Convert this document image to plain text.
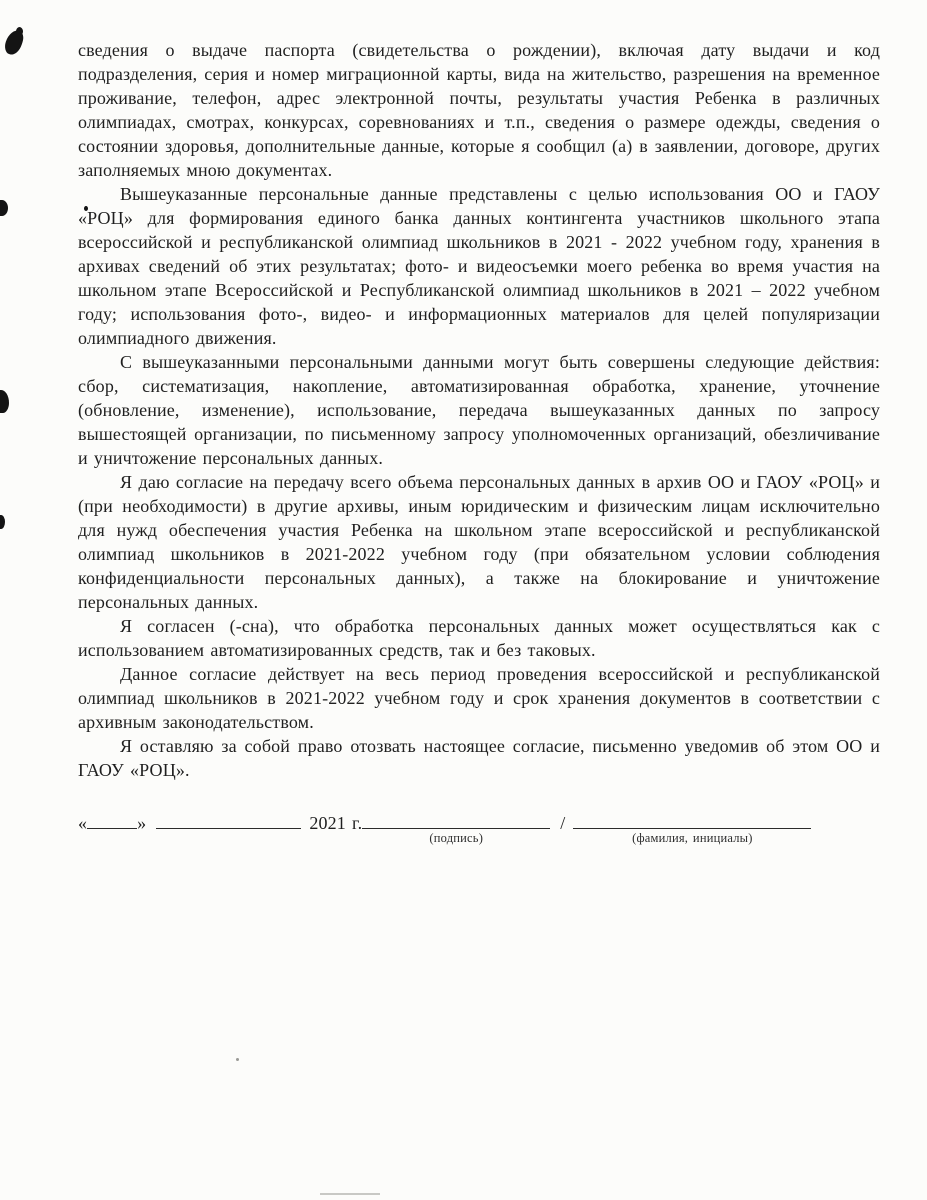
сведения о выдаче паспорта (свидетельства о рождении), включая дату выдачи и код подразделения, серия и номер миграционной карты, вида на жительство, разрешения на временное проживание, телефон, адрес электронной почты, результаты участия Ребенка в различных олимпиадах, смотрах, конкурсах, соревнованиях и т.п., сведения о размере одежды, сведения о состоянии здоровья, дополнительные данные, которые я сообщил (а) в заявлении, договоре, других заполняемых мною документах.

Вышеуказанные персональные данные представлены с целью использования ОО и ГАОУ «РОЦ» для формирования единого банка данных контингента участников школьного этапа всероссийской и республиканской олимпиад школьников в 2021 - 2022 учебном году, хранения в архивах сведений об этих результатах; фото- и видеосъемки моего ребенка во время участия на школьном этапе Всероссийской и Республиканской олимпиад школьников в 2021 – 2022 учебном году; использования фото-, видео- и информационных материалов для целей популяризации олимпиадного движения.

С вышеуказанными персональными данными могут быть совершены следующие действия: сбор, систематизация, накопление, автоматизированная обработка, хранение, уточнение (обновление, изменение), использование, передача вышеуказанных данных по запросу вышестоящей организации, по письменному запросу уполномоченных организаций, обезличивание и уничтожение персональных данных.

Я даю согласие на передачу всего объема персональных данных в архив ОО и ГАОУ «РОЦ» и (при необходимости) в другие архивы, иным юридическим и физическим лицам исключительно для нужд обеспечения участия Ребенка на школьном этапе всероссийской и республиканской олимпиад школьников в 2021-2022 учебном году (при обязательном условии соблюдения конфиденциальности персональных данных), а также на блокирование и уничтожение персональных данных.

Я согласен (-сна), что обработка персональных данных может осуществляться как с использованием автоматизированных средств, так и без таковых.

Данное согласие действует на весь период проведения всероссийской и республиканской олимпиад школьников в 2021-2022 учебном году и срок хранения документов в соответствии с архивным законодательством.

Я оставляю за собой право отозвать настоящее согласие, письменно уведомив об этом ОО и ГАОУ «РОЦ».

«	»	2021 г.
(подпись)
/
(фамилия, инициалы)
